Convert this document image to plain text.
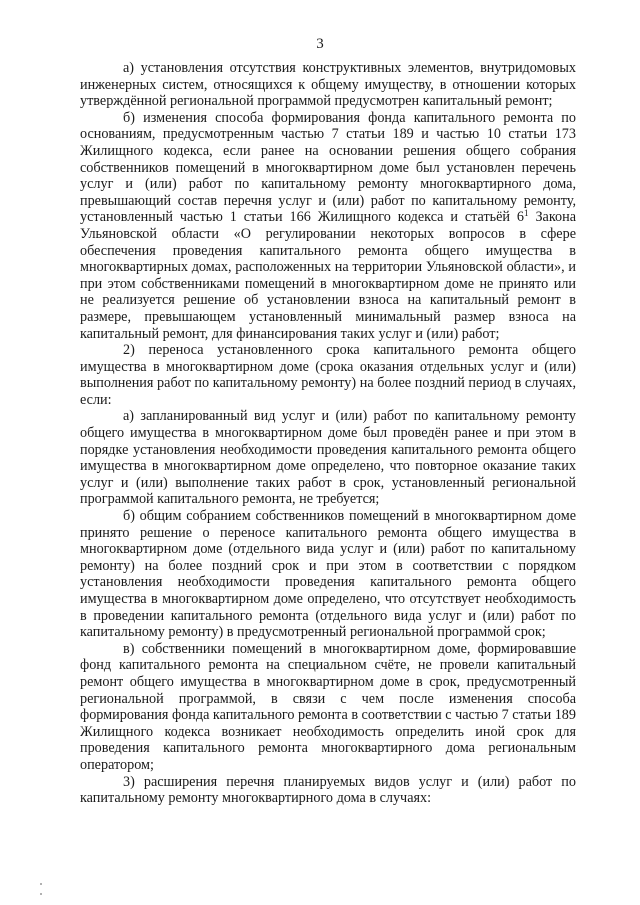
3

а) установления отсутствия конструктивных элементов, внутридомовых инженерных систем, относящихся к общему имуществу, в отношении которых утверждённой региональной программой предусмотрен капитальный ремонт;

б) изменения способа формирования фонда капитального ремонта по основаниям, предусмотренным частью 7 статьи 189 и частью 10 статьи 173 Жилищного кодекса, если ранее на основании решения общего собрания собственников помещений в многоквартирном доме был установлен перечень услуг и (или) работ по капитальному ремонту многоквартирного дома, превышающий состав перечня услуг и (или) работ по капитальному ремонту, установленный частью 1 статьи 166 Жилищного кодекса и статьёй $6^1$ Закона Ульяновской области «О регулировании некоторых вопросов в сфере обеспечения проведения капитального ремонта общего имущества в многоквартирных домах, расположенных на территории Ульяновской области», и при этом собственниками помещений в многоквартирном доме не принято или не реализуется решение об установлении взноса на капитальный ремонт в размере, превышающем установленный минимальный размер взноса на капитальный ремонт, для финансирования таких услуг и (или) работ;

2) переноса установленного срока капитального ремонта общего имущества в многоквартирном доме (срока оказания отдельных услуг и (или) выполнения работ по капитальному ремонту) на более поздний период в случаях, если:

а) запланированный вид услуг и (или) работ по капитальному ремонту общего имущества в многоквартирном доме был проведён ранее и при этом в порядке установления необходимости проведения капитального ремонта общего имущества в многоквартирном доме определено, что повторное оказание таких услуг и (или) выполнение таких работ в срок, установленный региональной программой капитального ремонта, не требуется;

б) общим собранием собственников помещений в многоквартирном доме принято решение о переносе капитального ремонта общего имущества в многоквартирном доме (отдельного вида услуг и (или) работ по капитальному ремонту) на более поздний срок и при этом в соответствии с порядком установления необходимости проведения капитального ремонта общего имущества в многоквартирном доме определено, что отсутствует необходимость в проведении капитального ремонта (отдельного вида услуг и (или) работ по капитальному ремонту) в предусмотренный региональной программой срок;

в) собственники помещений в многоквартирном доме, формировавшие фонд капитального ремонта на специальном счёте, не провели капитальный ремонт общего имущества в многоквартирном доме в срок, предусмотренный региональной программой, в связи с чем после изменения способа формирования фонда капитального ремонта в соответствии с частью 7 статьи 189 Жилищного кодекса возникает необходимость определить иной срок для проведения капитального ремонта многоквартирного дома региональным оператором;

3) расширения перечня планируемых видов услуг и (или) работ по капитальному ремонту многоквартирного дома в случаях:
